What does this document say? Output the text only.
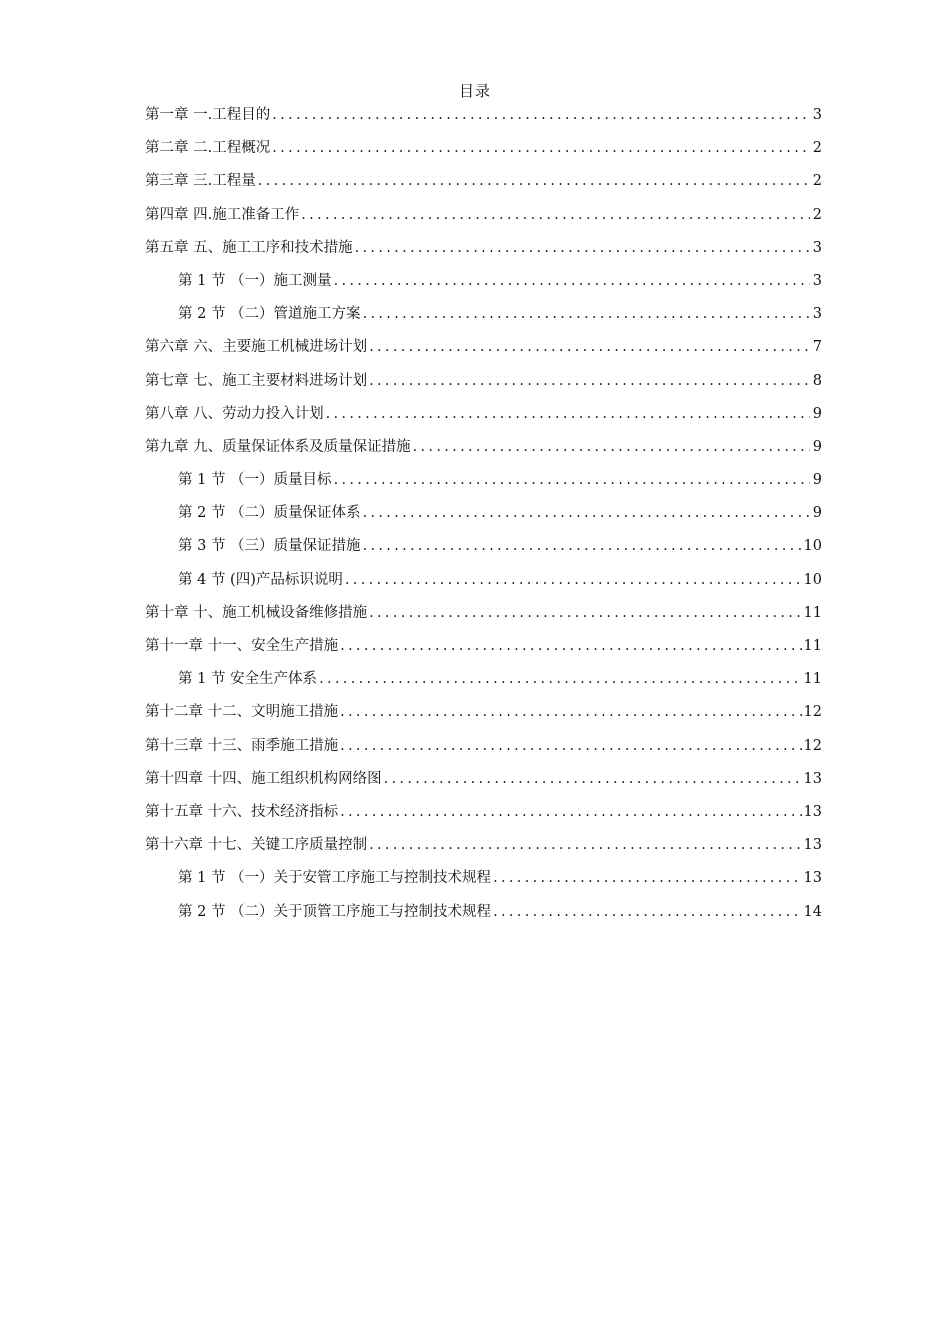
目录
第一章 一.工程目的 .....	3
第二章 二.工程概况 .....	2
第三章 三.工程量 .....	2
第四章 四.施工准备工作 .....	2
第五章 五、施工工序和技术措施 .....	3
第 1 节 （一）施工测量 .....	3
第 2 节 （二）管道施工方案 .....	3
第六章 六、主要施工机械进场计划 .....	7
第七章 七、施工主要材料进场计划 .....	8
第八章 八、劳动力投入计划 .....	9
第九章 九、质量保证体系及质量保证措施 .....	9
第 1 节 （一）质量目标 .....	9
第 2 节 （二）质量保证体系 .....	9
第 3 节 （三）质量保证措施 .....	10
第 4 节 (四)产品标识说明 .....	10
第十章 十、施工机械设备维修措施 .....	11
第十一章 十一、安全生产措施 .....	11
第 1 节 安全生产体系 .....	11
第十二章 十二、文明施工措施 .....	12
第十三章 十三、雨季施工措施 .....	12
第十四章 十四、施工组织机构网络图 .....	13
第十五章 十六、技术经济指标 .....	13
第十六章 十七、关键工序质量控制 .....	13
第 1 节 （一）关于安管工序施工与控制技术规程 .....	13
第 2 节 （二）关于顶管工序施工与控制技术规程 .....	14
